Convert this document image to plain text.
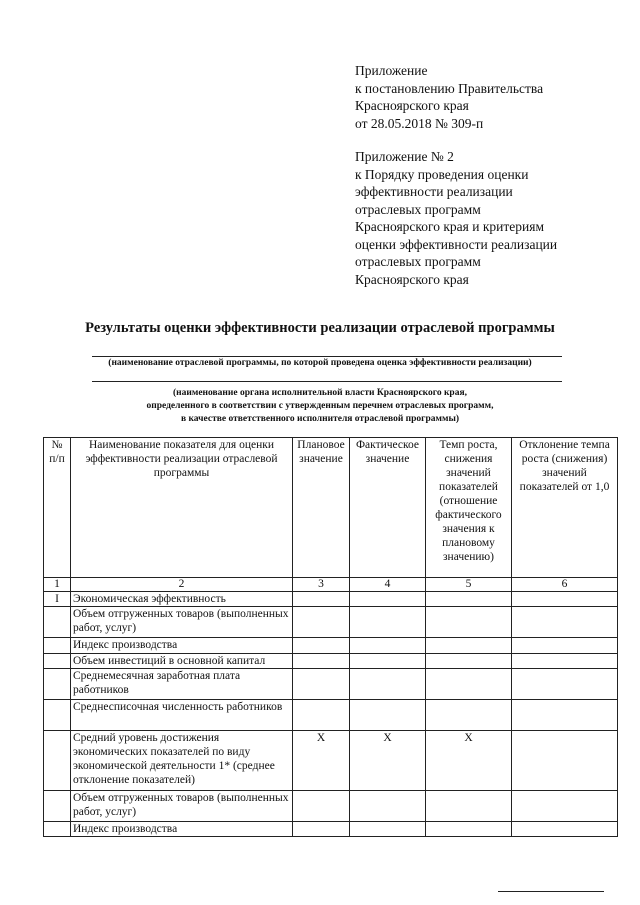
Приложение
к постановлению Правительства
Красноярского края
от 28.05.2018 № 309-п
Приложение № 2
к Порядку проведения оценки
эффективности реализации
отраслевых программ
Красноярского края и критериям
оценки эффективности реализации
отраслевых программ
Красноярского края
Результаты оценки эффективности реализации отраслевой программы
(наименование отраслевой программы, по которой проведена оценка эффективности реализации)
(наименование органа исполнительной власти Красноярского края,
определенного в соответствии с утвержденным перечнем отраслевых программ,
в качестве ответственного исполнителя отраслевой программы)
№ п/п	Наименование показателя для оценки эффективности реализации отраслевой программы	Плановое значение	Фактическое значение	Темп роста, снижения значений показателей (отношение фактического значения к плановому значению)	Отклонение темпа роста (снижения) значений показателей от 1,0
1	2	3	4	5	6
I	Экономическая эффективность				
	Объем отгруженных товаров (выполненных работ, услуг)				
	Индекс производства				
	Объем инвестиций в основной капитал				
	Среднемесячная заработная плата работников				
	Среднесписочная численность работников				
	Средний уровень достижения экономических показателей по виду экономической деятельности 1* (среднее отклонение показателей)	X	X	X	
	Объем отгруженных товаров (выполненных работ, услуг)				
	Индекс производства				
